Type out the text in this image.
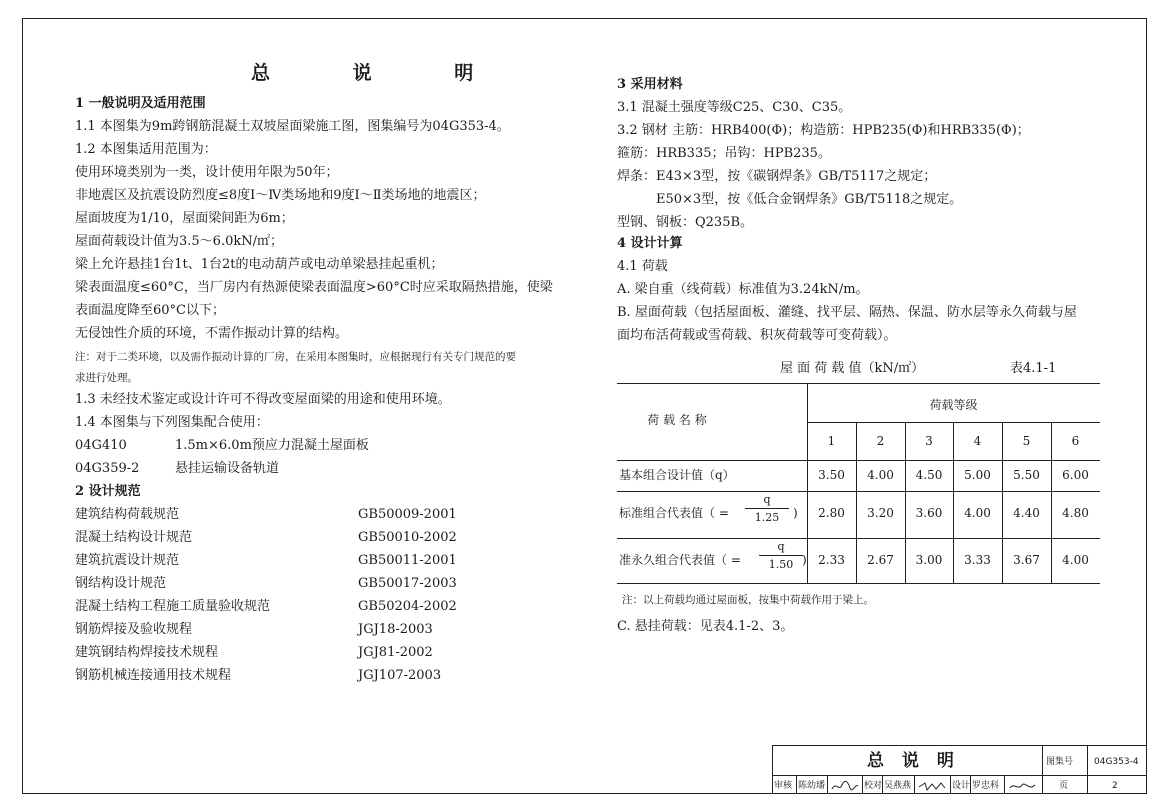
总 说 明
1 一般说明及适用范围
1.1 本图集为9m跨钢筋混凝土双坡屋面梁施工图，图集编号为04G353-4。
1.2 本图集适用范围为：
使用环境类别为一类，设计使用年限为50年；
非地震区及抗震设防烈度≤8度Ⅰ～Ⅳ类场地和9度Ⅰ～Ⅱ类场地的地震区；
屋面坡度为1/10，屋面梁间距为6m；
屋面荷载设计值为3.5～6.0kN/㎡；
梁上允许悬挂1台1t、1台2t的电动葫芦或电动单梁悬挂起重机；
梁表面温度≤60°C，当厂房内有热源使梁表面温度>60°C时应采取隔热措施，使梁
表面温度降至60°C以下；
无侵蚀性介质的环境，不需作振动计算的结构。
注：对于二类环境，以及需作振动计算的厂房，在采用本图集时，应根据现行有关专门规范的要
求进行处理。
1.3 未经技术鉴定或设计许可不得改变屋面梁的用途和使用环境。
1.4 本图集与下列图集配合使用：
04G410	1.5m×6.0m预应力混凝土屋面板
04G359-2	悬挂运输设备轨道
2 设计规范
建筑结构荷载规范	GB50009-2001
混凝土结构设计规范	GB50010-2002
建筑抗震设计规范	GB50011-2001
钢结构设计规范	GB50017-2003
混凝土结构工程施工质量验收规范	GB50204-2002
钢筋焊接及验收规程	JGJ18-2003
建筑钢结构焊接技术规程	JGJ81-2002
钢筋机械连接通用技术规程	JGJ107-2003
3 采用材料
3.1 混凝土强度等级C25、C30、C35。
3.2 钢材 主筋：HRB400(Φ)；构造筋：HPB235(Φ)和HRB335(Φ)；
箍筋：HRB335；吊钩：HPB235。
焊条：E43×3型，按《碳钢焊条》GB/T5117之规定；
E50×3型，按《低合金钢焊条》GB/T5118之规定。
型钢、钢板：Q235B。
4 设计计算
4.1 荷载
A. 梁自重（线荷载）标准值为3.24kN/m。
B. 屋面荷载（包括屋面板、灌缝、找平层、隔热、保温、防水层等永久荷载与屋
面均布活荷载或雪荷载、积灰荷载等可变荷载）。
屋 面 荷 载 值（kN/㎡）	表4.1-1
荷 载 名 称
荷载等级
1	2	3	4	5	6
基本组合设计值（q）	3.50	4.00	4.50	5.00	5.50	6.00
标准组合代表值（ =
q
1.25	)	2.80	3.20	3.60	4.00	4.40	4.80
准永久组合代表值（ =
q
1.50 ) 2.33	2.67	3.00	3.33	3.67	4.00
注：以上荷载均通过屋面板，按集中荷载作用于梁上。
C. 悬挂荷载：见表4.1-2、3。
总 说 明	图集号 04G353-4
审核 陈幼璠	校对 吴燕燕	设计 罗忠科	页	2
